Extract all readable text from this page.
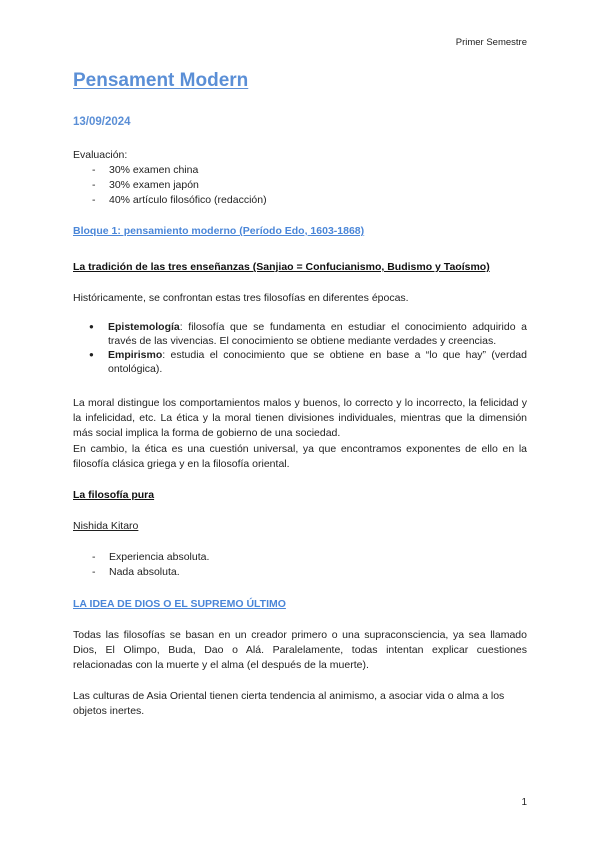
Primer Semestre
Pensament Modern
13/09/2024
Evaluación:
- 30% examen china
- 30% examen japón
- 40% artículo filosófico (redacción)
Bloque 1: pensamiento moderno (Período Edo, 1603-1868)
La tradición de las tres enseñanzas (Sanjiao = Confucianismo, Budismo y Taoísmo)
Históricamente, se confrontan estas tres filosofías en diferentes épocas.
● Epistemología: filosofía que se fundamenta en estudiar el conocimiento adquirido a través de las vivencias. El conocimiento se obtiene mediante verdades y creencias.
● Empirismo: estudia el conocimiento que se obtiene en base a “lo que hay” (verdad ontológica).

La moral distingue los comportamientos malos y buenos, lo correcto y lo incorrecto, la felicidad y la infelicidad, etc. La ética y la moral tienen divisiones individuales, mientras que la dimensión más social implica la forma de gobierno de una sociedad.

En cambio, la ética es una cuestión universal, ya que encontramos exponentes de ello en la filosofía clásica griega y en la filosofía oriental.

La filosofía pura
Nishida Kitaro
- Experiencia absoluta.
- Nada absoluta.
LA IDEA DE DIOS O EL SUPREMO ÚLTIMO

Todas las filosofías se basan en un creador primero o una supraconsciencia, ya sea llamado Dios, El Olimpo, Buda, Dao o Alá. Paralelamente, todas intentan explicar cuestiones relacionadas con la muerte y el alma (el después de la muerte).

Las culturas de Asia Oriental tienen cierta tendencia al animismo, a asociar vida o alma a los objetos inertes.

1
